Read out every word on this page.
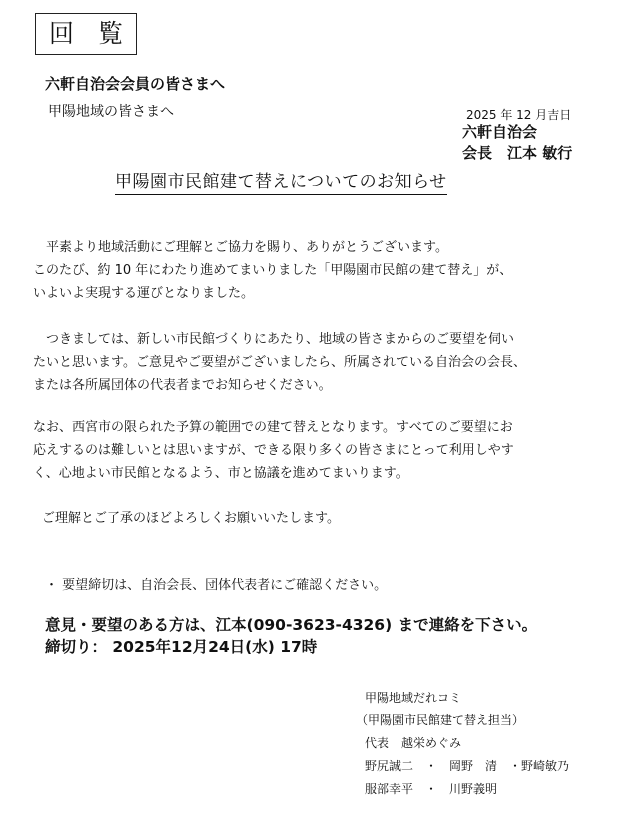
回 覧
六軒自治会会員の皆さまへ
甲陽地域の皆さまへ	2025 年 12 月吉日
六軒自治会
会長　江本 敏行
甲陽園市民館建て替えについてのお知らせ
　平素より地域活動にご理解とご協力を賜り、ありがとうございます。
このたび、約 10 年にわたり進めてまいりました「甲陽園市民館の建て替え」が、
いよいよ実現する運びとなりました。
　つきましては、新しい市民館づくりにあたり、地域の皆さまからのご要望を伺い
たいと思います。ご意見やご要望がございましたら、所属されている自治会の会長、
または各所属団体の代表者までお知らせください。
なお、西宮市の限られた予算の範囲での建て替えとなります。すべてのご要望にお
応えするのは難しいとは思いますが、できる限り多くの皆さまにとって利用しやす
く、心地よい市民館となるよう、市と協議を進めてまいります。
ご理解とご了承のほどよろしくお願いいたします。
・ 要望締切は、自治会長、団体代表者にご確認ください。
意見・要望のある方は、江本(090-3623-4326) まで連絡を下さい。
締切り： 2025年12月24日(水) 17時
甲陽地域だれコミ
（甲陽園市民館建て替え担当）
代表　越栄めぐみ
野尻誠二　・　岡野　清　・野崎敏乃
服部幸平　・　川野義明
